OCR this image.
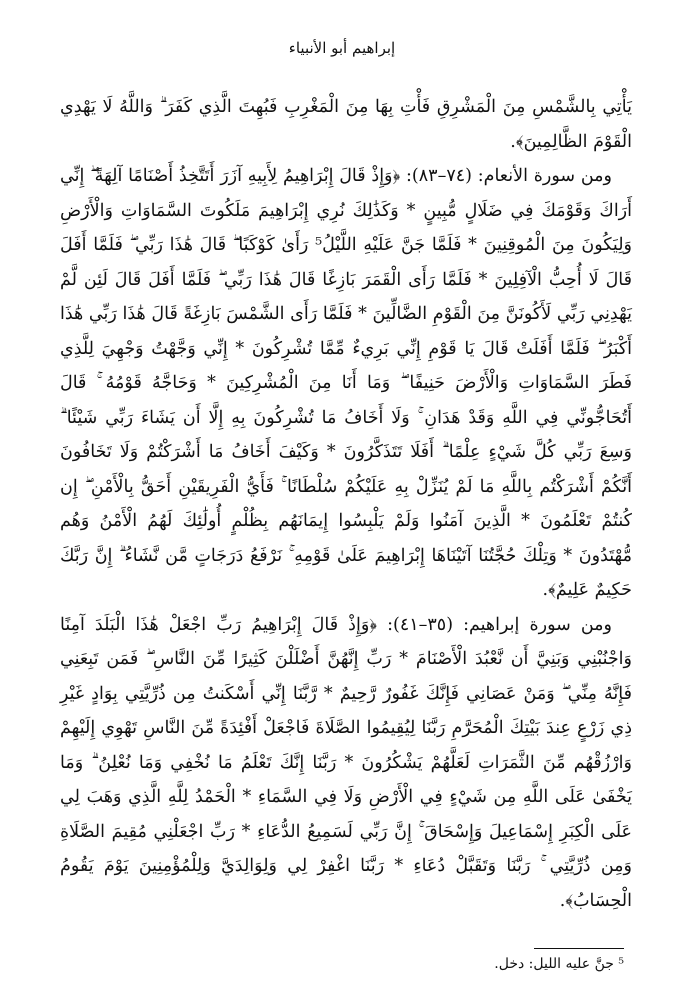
إبراهيم أبو الأنبياء

يَأْتِي بِالشَّمْسِ مِنَ الْمَشْرِقِ فَأْتِ بِهَا مِنَ الْمَغْرِبِ فَبُهِتَ الَّذِي كَفَرَ ۗ وَاللَّهُ لَا يَهْدِي الْقَوْمَ الظَّالِمِينَ﴾.

ومن سورة الأنعام: (٧٤–٨٣): ﴿وَإِذْ قَالَ إِبْرَاهِيمُ لِأَبِيهِ آزَرَ أَتَتَّخِذُ أَصْنَامًا آلِهَةً ۖ إِنِّي أَرَاكَ وَقَوْمَكَ فِي ضَلَالٍ مُّبِينٍ * وَكَذَٰلِكَ نُرِي إِبْرَاهِيمَ مَلَكُوتَ السَّمَاوَاتِ وَالْأَرْضِ وَلِيَكُونَ مِنَ الْمُوقِنِينَ * فَلَمَّا جَنَّ عَلَيْهِ اللَّيْلُ⁵ رَأَىٰ كَوْكَبًا ۖ قَالَ هَٰذَا رَبِّي ۖ فَلَمَّا أَفَلَ قَالَ لَا أُحِبُّ الْآفِلِينَ * فَلَمَّا رَأَى الْقَمَرَ بَازِغًا قَالَ هَٰذَا رَبِّي ۖ فَلَمَّا أَفَلَ قَالَ لَئِن لَّمْ يَهْدِنِي رَبِّي لَأَكُونَنَّ مِنَ الْقَوْمِ الضَّالِّينَ * فَلَمَّا رَأَى الشَّمْسَ بَازِغَةً قَالَ هَٰذَا رَبِّي هَٰذَا أَكْبَرُ ۖ فَلَمَّا أَفَلَتْ قَالَ يَا قَوْمِ إِنِّي بَرِيءٌ مِّمَّا تُشْرِكُونَ * إِنِّي وَجَّهْتُ وَجْهِيَ لِلَّذِي فَطَرَ السَّمَاوَاتِ وَالْأَرْضَ حَنِيفًا ۖ وَمَا أَنَا مِنَ الْمُشْرِكِينَ * وَحَاجَّهُ قَوْمُهُ ۚ قَالَ أَتُحَاجُّونِّي فِي اللَّهِ وَقَدْ هَدَانِ ۚ وَلَا أَخَافُ مَا تُشْرِكُونَ بِهِ إِلَّا أَن يَشَاءَ رَبِّي شَيْئًا ۗ وَسِعَ رَبِّي كُلَّ شَيْءٍ عِلْمًا ۗ أَفَلَا تَتَذَكَّرُونَ * وَكَيْفَ أَخَافُ مَا أَشْرَكْتُمْ وَلَا تَخَافُونَ أَنَّكُمْ أَشْرَكْتُم بِاللَّهِ مَا لَمْ يُنَزِّلْ بِهِ عَلَيْكُمْ سُلْطَانًا ۚ فَأَيُّ الْفَرِيقَيْنِ أَحَقُّ بِالْأَمْنِ ۖ إِن كُنتُمْ تَعْلَمُونَ * الَّذِينَ آمَنُوا وَلَمْ يَلْبِسُوا إِيمَانَهُم بِظُلْمٍ أُولَٰئِكَ لَهُمُ الْأَمْنُ وَهُم مُّهْتَدُونَ * وَتِلْكَ حُجَّتُنَا آتَيْنَاهَا إِبْرَاهِيمَ عَلَىٰ قَوْمِهِ ۚ نَرْفَعُ دَرَجَاتٍ مَّن نَّشَاءُ ۗ إِنَّ رَبَّكَ حَكِيمٌ عَلِيمٌ﴾.

ومن سورة إبراهيم: (٣٥–٤١): ﴿وَإِذْ قَالَ إِبْرَاهِيمُ رَبِّ اجْعَلْ هَٰذَا الْبَلَدَ آمِنًا وَاجْنُبْنِي وَبَنِيَّ أَن نَّعْبُدَ الْأَصْنَامَ * رَبِّ إِنَّهُنَّ أَضْلَلْنَ كَثِيرًا مِّنَ النَّاسِ ۖ فَمَن تَبِعَنِي فَإِنَّهُ مِنِّي ۖ وَمَنْ عَصَانِي فَإِنَّكَ غَفُورٌ رَّحِيمٌ * رَّبَّنَا إِنِّي أَسْكَنتُ مِن ذُرِّيَّتِي بِوَادٍ غَيْرِ ذِي زَرْعٍ عِندَ بَيْتِكَ الْمُحَرَّمِ رَبَّنَا لِيُقِيمُوا الصَّلَاةَ فَاجْعَلْ أَفْئِدَةً مِّنَ النَّاسِ تَهْوِي إِلَيْهِمْ وَارْزُقْهُم مِّنَ الثَّمَرَاتِ لَعَلَّهُمْ يَشْكُرُونَ * رَبَّنَا إِنَّكَ تَعْلَمُ مَا نُخْفِي وَمَا نُعْلِنُ ۗ وَمَا يَخْفَىٰ عَلَى اللَّهِ مِن شَيْءٍ فِي الْأَرْضِ وَلَا فِي السَّمَاءِ * الْحَمْدُ لِلَّهِ الَّذِي وَهَبَ لِي عَلَى الْكِبَرِ إِسْمَاعِيلَ وَإِسْحَاقَ ۚ إِنَّ رَبِّي لَسَمِيعُ الدُّعَاءِ * رَبِّ اجْعَلْنِي مُقِيمَ الصَّلَاةِ وَمِن ذُرِّيَّتِي ۚ رَبَّنَا وَتَقَبَّلْ دُعَاءِ * رَبَّنَا اغْفِرْ لِي وَلِوَالِدَيَّ وَلِلْمُؤْمِنِينَ يَوْمَ يَقُومُ الْحِسَابُ﴾.

⁵ جنَّ عليه الليل: دخل.
